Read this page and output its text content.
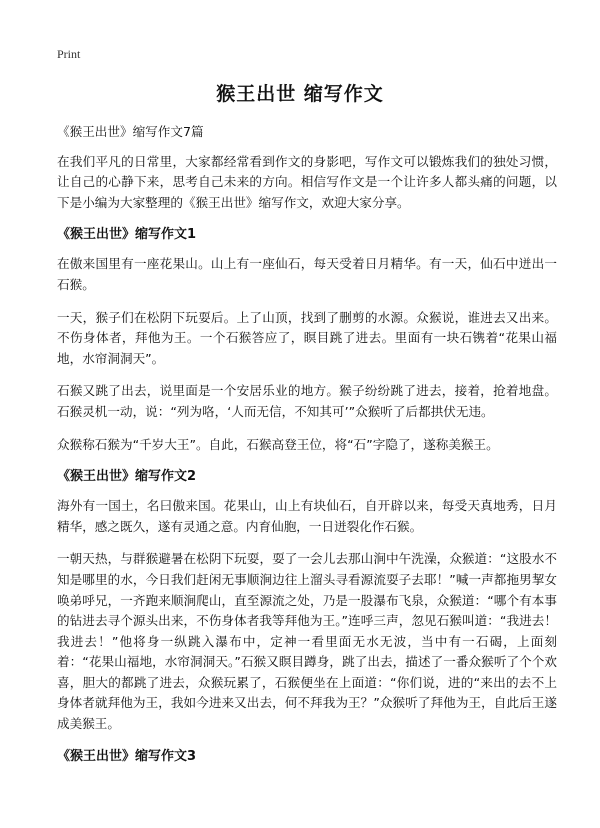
Print
猴王出世 缩写作文

《猴王出世》缩写作文7篇

在我们平凡的日常里，大家都经常看到作文的身影吧，写作文可以锻炼我们的独处习惯，让自己的心静下来，思考自己未来的方向。相信写作文是一个让许多人都头痛的问题，以下是小编为大家整理的《猴王出世》缩写作文，欢迎大家分享。

《猴王出世》缩写作文1

在傲来国里有一座花果山。山上有一座仙石，每天受着日月精华。有一天，仙石中迸出一石猴。

一天，猴子们在松阴下玩耍后。上了山顶，找到了删剪的水源。众猴说，谁进去又出来。不伤身体者，拜他为王。一个石猴答应了，瞑目跳了进去。里面有一块石镌着“花果山福地，水帘洞洞天”。

石猴又跳了出去，说里面是一个安居乐业的地方。猴子纷纷跳了进去，接着，抢着地盘。石猴灵机一动，说：“列为咯，‘人而无信，不知其可’”众猴听了后都拱伏无违。

众猴称石猴为“千岁大王”。自此，石猴高登王位，将“石”字隐了，遂称美猴王。

《猴王出世》缩写作文2

海外有一国土，名曰傲来国。花果山，山上有块仙石，自开辟以来，每受天真地秀，日月精华，感之既久，遂有灵通之意。内育仙胞，一日迸裂化作石猴。

一朝天热，与群猴避暑在松阴下玩耍，耍了一会儿去那山涧中午洗澡，众猴道：“这股水不知是哪里的水，今日我们赶闲无事顺涧边往上溜头寻看源流耍子去耶！”喊一声都拖男挈女唤弟呼兄，一齐跑来顺涧爬山，直至源流之处，乃是一股瀑布飞泉，众猴道：“哪个有本事的钻进去寻个源头出来，不伤身体者我等拜他为王。”连呼三声，忽见石猴叫道：“我进去！我进去！”他将身一纵跳入瀑布中，定神一看里面无水无波，当中有一石碣，上面刻着：“花果山福地，水帘洞洞天。”石猴又瞑目蹲身，跳了出去，描述了一番众猴听了个个欢喜，胆大的都跳了进去，众猴玩累了，石猴便坐在上面道：“你们说，进的“来出的去不上身体者就拜他为王，我如今进来又出去，何不拜我为王？”众猴听了拜他为王，自此后王遂成美猴王。

《猴王出世》缩写作文3
